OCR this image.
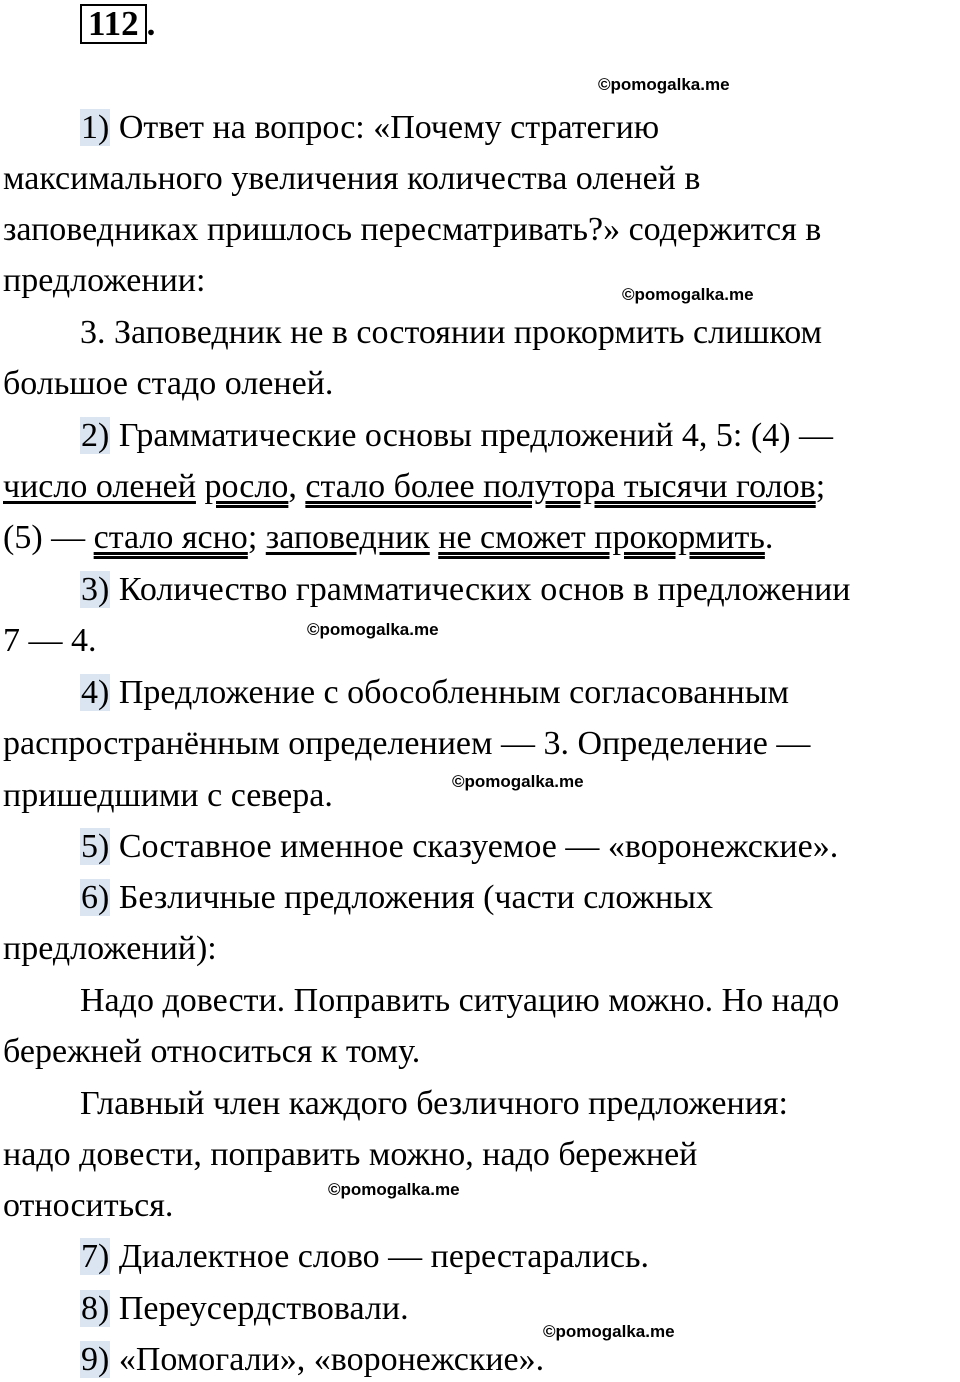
112 .
©pomogalka.me
©pomogalka.me
©pomogalka.me
©pomogalka.me
©pomogalka.me
©pomogalka.me
1) Ответ на вопрос: «Почему стратегию
максимального увеличения количества оленей в
заповедниках пришлось пересматривать?» содержится в
предложении:
3. Заповедник не в состоянии прокормить слишком
большое стадо оленей.
2) Грамматические основы предложений 4, 5: (4) —
число оленей росло, стало более полутора тысячи голов;
(5) — стало ясно; заповедник не сможет прокормить.
3) Количество грамматических основ в предложении
7 — 4.
4) Предложение с обособленным согласованным
распространённым определением — 3. Определение —
пришедшими с севера.
5) Составное именное сказуемое — «воронежские».
6) Безличные предложения (части сложных
предложений):
Надо довести. Поправить ситуацию можно. Но надо
бережней относиться к тому.
Главный член каждого безличного предложения:
надо довести, поправить можно, надо бережней
относиться.
7) Диалектное слово — перестарались.
8) Переусердствовали.
9) «Помогали», «воронежские».
